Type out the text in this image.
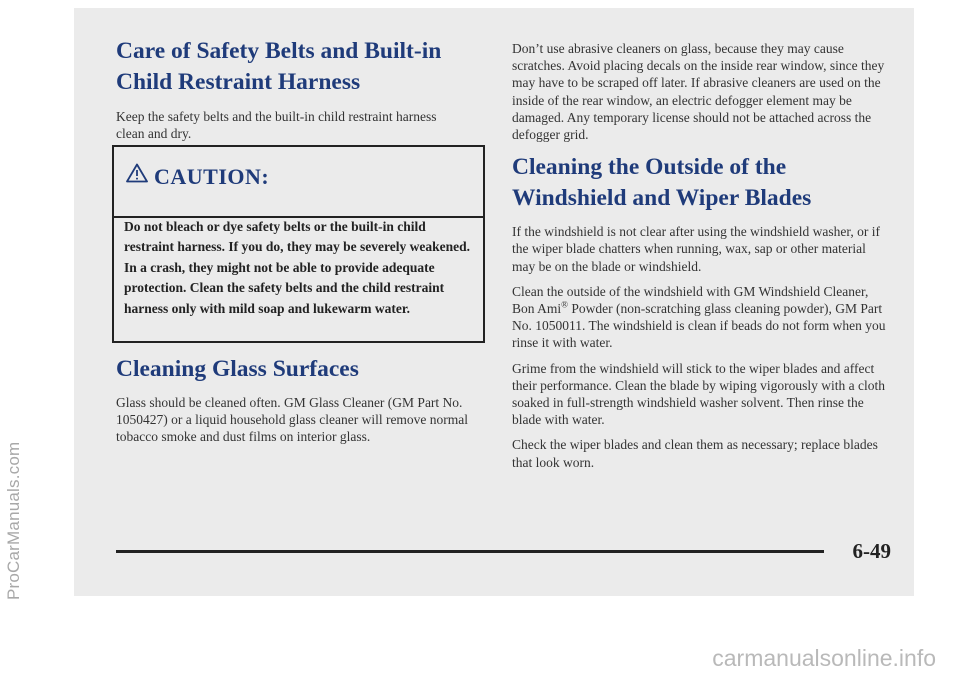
ProCarManuals.com
Care of Safety Belts and Built-in Child Restraint Harness

Keep the safety belts and the built-in child restraint harness clean and dry.

CAUTION:
Do not bleach or dye safety belts or the built-in child restraint harness. If you do, they may be severely weakened. In a crash, they might not be able to provide adequate protection. Clean the safety belts and the child restraint harness only with mild soap and lukewarm water.
Cleaning Glass Surfaces

Glass should be cleaned often. GM Glass Cleaner (GM Part No. 1050427) or a liquid household glass cleaner will remove normal tobacco smoke and dust films on interior glass.

Don’t use abrasive cleaners on glass, because they may cause scratches. Avoid placing decals on the inside rear window, since they may have to be scraped off later. If abrasive cleaners are used on the inside of the rear window, an electric defogger element may be damaged. Any temporary license should not be attached across the defogger grid.

Cleaning the Outside of the Windshield and Wiper Blades

If the windshield is not clear after using the windshield washer, or if the wiper blade chatters when running, wax, sap or other material may be on the blade or windshield.

Clean the outside of the windshield with GM Windshield Cleaner, Bon Ami® Powder (non-scratching glass cleaning powder), GM Part No. 1050011. The windshield is clean if beads do not form when you rinse it with water.

Grime from the windshield will stick to the wiper blades and affect their performance. Clean the blade by wiping vigorously with a cloth soaked in full-strength windshield washer solvent. Then rinse the blade with water.

Check the wiper blades and clean them as necessary; replace blades that look worn.

6-49
carmanualsonline.info
